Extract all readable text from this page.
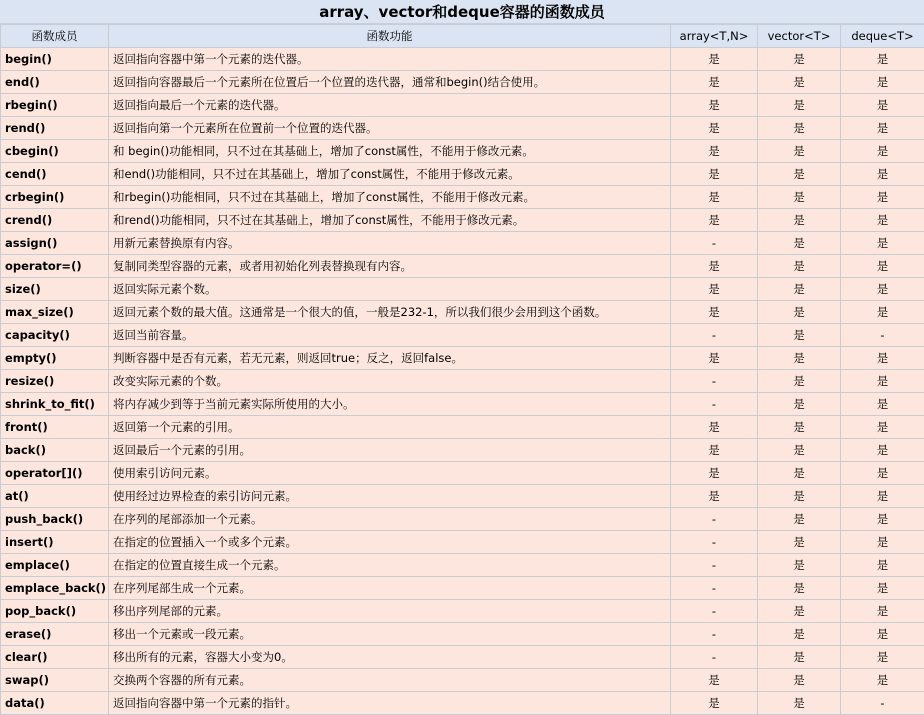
array、vector和deque容器的函数成员
函数成员	函数功能	array<T,N>	vector<T>	deque<T>
begin()	返回指向容器中第一个元素的迭代器。	是	是	是
end()	返回指向容器最后一个元素所在位置后一个位置的迭代器，通常和begin()结合使用。	是	是	是
rbegin()	返回指向最后一个元素的迭代器。	是	是	是
rend()	返回指向第一个元素所在位置前一个位置的迭代器。	是	是	是
cbegin()	和 begin()功能相同，只不过在其基础上，增加了const属性，不能用于修改元素。	是	是	是
cend()	和end()功能相同，只不过在其基础上，增加了const属性，不能用于修改元素。	是	是	是
crbegin()	和rbegin()功能相同，只不过在其基础上，增加了const属性，不能用于修改元素。	是	是	是
crend()	和rend()功能相同，只不过在其基础上，增加了const属性，不能用于修改元素。	是	是	是
assign()	用新元素替换原有内容。	-	是	是
operator=()	复制同类型容器的元素，或者用初始化列表替换现有内容。	是	是	是
size()	返回实际元素个数。	是	是	是
max_size()	返回元素个数的最大值。这通常是一个很大的值，一般是232-1，所以我们很少会用到这个函数。	是	是	是
capacity()	返回当前容量。	-	是	-
empty()	判断容器中是否有元素，若无元素，则返回true；反之，返回false。	是	是	是
resize()	改变实际元素的个数。	-	是	是
shrink_to_fit()	将内存减少到等于当前元素实际所使用的大小。	-	是	是
front()	返回第一个元素的引用。	是	是	是
back()	返回最后一个元素的引用。	是	是	是
operator[]()	使用索引访问元素。	是	是	是
at()	使用经过边界检查的索引访问元素。	是	是	是
push_back()	在序列的尾部添加一个元素。	-	是	是
insert()	在指定的位置插入一个或多个元素。	-	是	是
emplace()	在指定的位置直接生成一个元素。	-	是	是
emplace_back()	在序列尾部生成一个元素。	-	是	是
pop_back()	移出序列尾部的元素。	-	是	是
erase()	移出一个元素或一段元素。	-	是	是
clear()	移出所有的元素，容器大小变为0。	-	是	是
swap()	交换两个容器的所有元素。	是	是	是
data()	返回指向容器中第一个元素的指针。	是	是	-
